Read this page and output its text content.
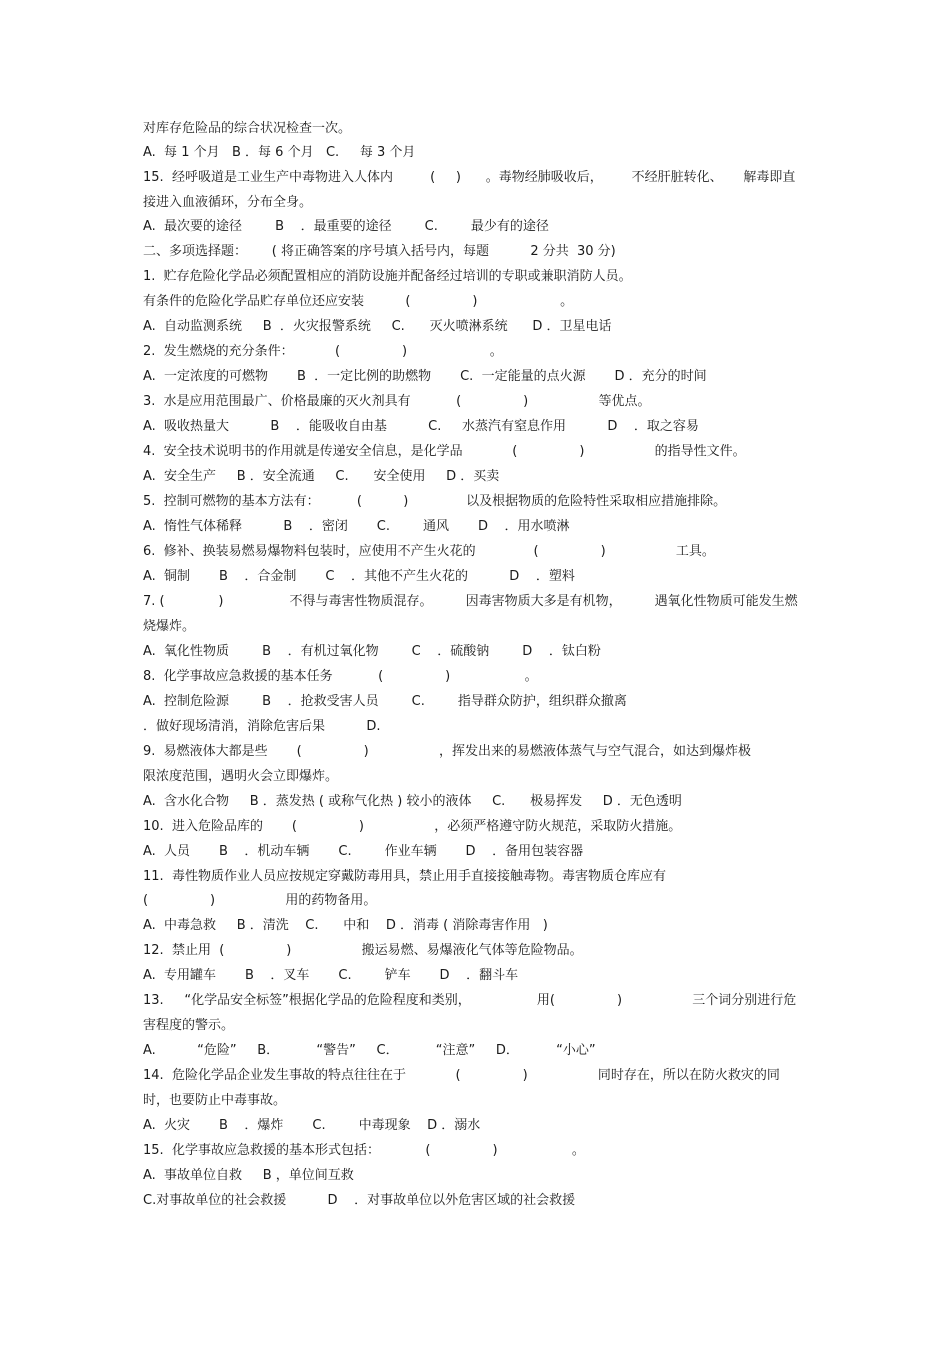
对库存危险品的综合状况检查一次。
A.  每 1 个月   B ．每 6 个月   C.     每 3 个月
15.  经呼吸道是工业生产中毒物进入人体内         (     )      。毒物经肺吸收后，       不经肝脏转化、     解毒即直
接进入血液循环，分布全身。
A.  最次要的途径        B    ．最重要的途径        C.        最少有的途径
二、多项选择题：      ( 将正确答案的序号填入括号内，每题          2 分共  30 分)
1.  贮存危险化学品必须配置相应的消防设施并配备经过培训的专职或兼职消防人员。
有条件的危险化学品贮存单位还应安装          (               )                    。
A.  自动监测系统     B  ．火灾报警系统     C.      灭火喷淋系统      D ．卫星电话
2.  发生燃烧的充分条件：          (               )                    。
A.  一定浓度的可燃物       B  ．一定比例的助燃物       C.  一定能量的点火源       D ．充分的时间
3.  水是应用范围最广、价格最廉的灭火剂具有           (               )                 等优点。
A.  吸收热量大          B    ．能吸收自由基          C.     水蒸汽有窒息作用          D    ．取之容易
4.  安全技术说明书的作用就是传递安全信息，是化学品            (               )                 的指导性文件。
A.  安全生产     B ．安全流通     C.      安全使用     D ．买卖
5.  控制可燃物的基本方法有：         (          )              以及根据物质的危险特性采取相应措施排除。
A.  惰性气体稀释          B    ．密闭       C.        通风       D    ．用水喷淋
6.  修补、换装易燃易爆物料包装时，应使用不产生火花的              (               )                 工具。
A.  铜制       B    ．合金制       C    ．其他不产生火花的          D    ．塑料
7. (             )                不得与毒害性物质混存。        因毒害物质大多是有机物，        遇氧化性物质可能发生燃
烧爆炸。
A.  氧化性物质        B    ．有机过氧化物        C    ．硫酸钠        D    ．钛白粉
8.  化学事故应急救援的基本任务           (               )                  。
A.  控制危险源        B    ．抢救受害人员        C.        指导群众防护，组织群众撤离
．做好现场清消，消除危害后果          D.
9.  易燃液体大都是些       (               )                 ，挥发出来的易燃液体蒸气与空气混合，如达到爆炸极
限浓度范围，遇明火会立即爆炸。
A.  含水化合物     B ．蒸发热 ( 或称气化热 ) 较小的液体     C.      极易挥发     D ．无色透明
10.  进入危险品库的       (               )                 ，必须严格遵守防火规范，采取防火措施。
A.  人员       B    ．机动车辆       C.        作业车辆       D    ．备用包装容器
11.  毒性物质作业人员应按规定穿戴防毒用具，禁止用手直接接触毒物。毒害物质仓库应有
(               )                 用的药物备用。
A.  中毒急救     B ．清洗    C.      中和    D ．消毒 ( 消除毒害作用   )
12.  禁止用  (               )                 搬运易燃、易爆液化气体等危险物品。
A.  专用罐车       B    ．叉车       C.        铲车       D    ．翻斗车
13.     “化学品安全标签”根据化学品的危险程度和类别，                用(               )                 三个词分别进行危
害程度的警示。
A.          “危险”     B．         “警告”     C．         “注意”     D．         “小心”
14.  危险化学品企业发生事故的特点往往在于            (               )                 同时存在，所以在防火救灾的同
时，也要防止中毒事故。
A.  火灾       B    ．爆炸       C.        中毒现象    D ．溺水
15.  化学事故应急救援的基本形式包括：           (               )                  。
A.  事故单位自救     B ，单位间互救
C.对事故单位的社会救援          D    ．对事故单位以外危害区域的社会救援
